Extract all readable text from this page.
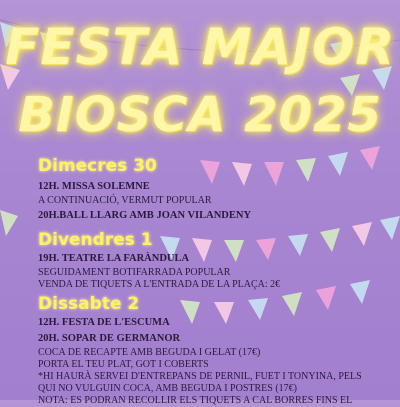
FESTA MAJOR
BIOSCA 2025
Dimecres 30
12H. MISSA SOLEMNE
A CONTINUACIÓ, VERMUT POPULAR
20H.BALL LLARG AMB JOAN VILANDENY
Divendres 1
19H. TEATRE LA FARÀNDULA
SEGUIDAMENT BOTIFARRADA POPULAR
VENDA DE TIQUETS A L'ENTRADA DE LA PLAÇA: 2€
Dissabte 2
12H. FESTA DE L'ESCUMA
20H. SOPAR DE GERMANOR
COCA DE RECAPTE AMB BEGUDA I GELAT (17€)
PORTA EL TEU PLAT, GOT I COBERTS
*HI HAURÀ SERVEI D'ENTREPANS DE PERNIL, FUET I TONYINA, PELS
QUI NO VULGUIN COCA, AMB BEGUDA I POSTRES (17€)
NOTA: ES PODRAN RECOLLIR ELS TIQUETS A CAL BORRES FINS EL
